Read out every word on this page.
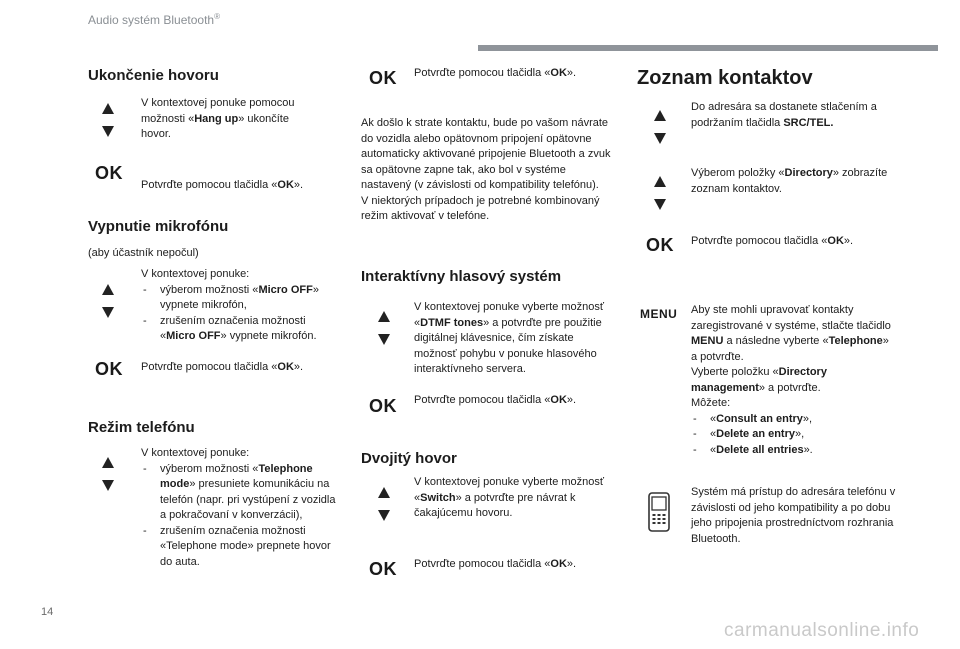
Audio systém Bluetooth®
Ukončenie hovoru
V kontextovej ponuke pomocou možnosti «Hang up» ukončíte hovor.
OK
Potvrďte pomocou tlačidla «OK».
Vypnutie mikrofónu
(aby účastník nepočul)
V kontextovej ponuke:
- výberom možnosti «Micro OFF» vypnete mikrofón,
- zrušením označenia možnosti «Micro OFF» vypnete mikrofón.
OK Potvrďte pomocou tlačidla «OK».
Režim telefónu
V kontextovej ponuke:
- výberom možnosti «Telephone mode» presuniete komunikáciu na telefón (napr. pri vystúpení z vozidla a pokračovaní v konverzácii),
- zrušením označenia možnosti «Telephone mode» prepnete hovor do auta.
OK Potvrďte pomocou tlačidla «OK».
Ak došlo k strate kontaktu, bude po vašom návrate do vozidla alebo opätovnom pripojení opätovne automaticky aktivované pripojenie Bluetooth a zvuk sa opätovne zapne tak, ako bol v systéme nastavený (v závislosti od kompatibility telefónu).
V niektorých prípadoch je potrebné kombinovaný režim aktivovať v telefóne.
Interaktívny hlasový systém
V kontextovej ponuke vyberte možnosť «DTMF tones» a potvrďte pre použitie digitálnej klávesnice, čím získate možnosť pohybu v ponuke hlasového interaktívneho servera.
OK Potvrďte pomocou tlačidla «OK».
Dvojitý hovor
V kontextovej ponuke vyberte možnosť «Switch» a potvrďte pre návrat k čakajúcemu hovoru.
OK Potvrďte pomocou tlačidla «OK».
Zoznam kontaktov
Do adresára sa dostanete stlačením a podržaním tlačidla SRC/TEL.
Výberom položky «Directory» zobrazíte zoznam kontaktov.
OK Potvrďte pomocou tlačidla «OK».
MENU Aby ste mohli upravovať kontakty zaregistrované v systéme, stlačte tlačidlo MENU a následne vyberte «Telephone» a potvrďte.
Vyberte položku «Directory management» a potvrďte.
Môžete:
- «Consult an entry»,
- «Delete an entry»,
- «Delete all entries».
Systém má prístup do adresára telefónu v závislosti od jeho kompatibility a po dobu jeho pripojenia prostredníctvom rozhrania Bluetooth.
14
carmanualsonline.info
